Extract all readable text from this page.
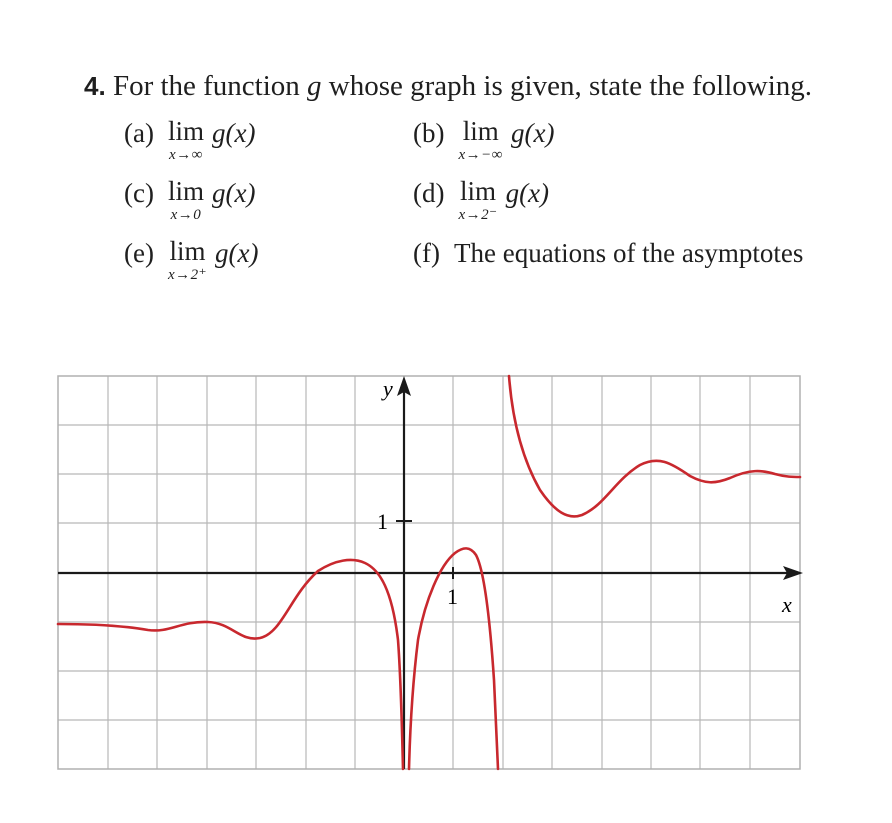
4. For the function g whose graph is given, state the following.
(a) lim
x→∞
g(x)	(b) lim
x→−∞
g(x)
(c) lim
x→0
g(x)	(d) lim
x→2⁻
g(x)
(e) lim
x→2⁺
g(x)	(f) The equations of the asymptotes
y
x
1
1
